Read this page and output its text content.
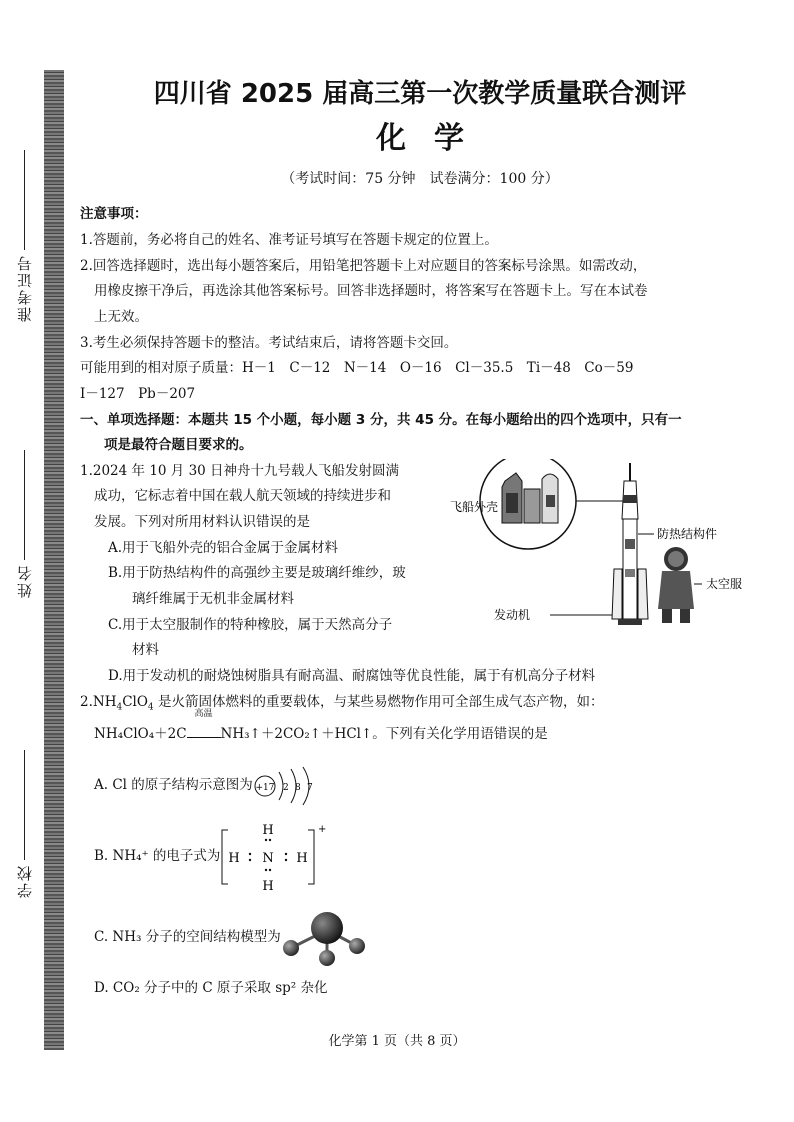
准考证号
姓名
学校
四川省 2025 届高三第一次教学质量联合测评
化学
（考试时间：75 分钟　试卷满分：100 分）

注意事项：

1.答题前，务必将自己的姓名、准考证号填写在答题卡规定的位置上。

2.回答选择题时，选出每小题答案后，用铅笔把答题卡上对应题目的答案标号涂黑。如需改动，

用橡皮擦干净后，再选涂其他答案标号。回答非选择题时，将答案写在答题卡上。写在本试卷

上无效。

3.考生必须保持答题卡的整洁。考试结束后，请将答题卡交回。

可能用到的相对原子质量：H－1　C－12　N－14　O－16　Cl－35.5　Ti－48　Co－59

I－127　Pb－207

一、单项选择题：本题共 15 个小题，每小题 3 分，共 45 分。在每小题给出的四个选项中，只有一
项是最符合题目要求的。

1.2024 年 10 月 30 日神舟十九号载人飞船发射圆满

成功，它标志着中国在载人航天领域的持续进步和

发展。下列对所用材料认识错误的是

A.用于飞船外壳的铝合金属于金属材料

B.用于防热结构件的高强纱主要是玻璃纤维纱，玻
璃纤维属于无机非金属材料

C.用于太空服制作的特种橡胶，属于天然高分子
材料

D.用于发动机的耐烧蚀树脂具有耐高温、耐腐蚀等优良性能，属于有机高分子材料

飞船外壳
防热结构件
太空服
发动机

$2.NH_4ClO_4$ 是火箭固体燃料的重要载体，与某些易燃物作用可全部生成气态产物，如：

NH₄ClO₄＋2C
高温
NH₃↑＋2CO₂↑＋HCl↑。下列有关化学用语错误的是

A. Cl 的原子结构示意图为 +17 2 8 7
B. NH₄⁺ 的电子式为
+
H
H N H
H
C. NH₃ 分子的空间结构模型为

D. CO₂ 分子中的 C 原子采取 sp² 杂化

化学第 1 页（共 8 页）
